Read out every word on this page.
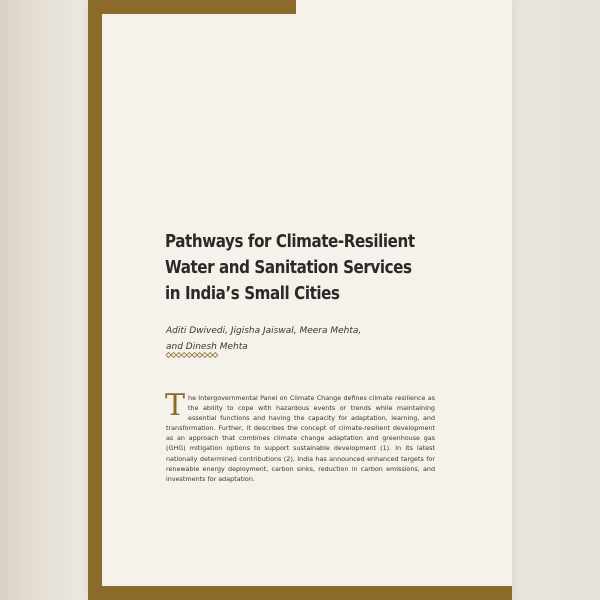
Pathways for Climate-Resilient Water and Sanitation Services in India’s Small Cities
Aditi Dwivedi, Jigisha Jaiswal, Meera Mehta,
and Dinesh Mehta

The Intergovernmental Panel on Climate Change defines climate resilience as the ability to cope with hazardous events or trends while maintaining essential functions and having the capacity for adaptation, learning, and transformation. Further, it describes the concept of climate-resilient development as an approach that combines climate change adaptation and greenhouse gas (GHG) mitigation options to support sustainable development (1). In its latest nationally determined contributions (2), India has announced enhanced targets for renewable energy deployment, carbon sinks, reduction in carbon emissions, and investments for adaptation.
